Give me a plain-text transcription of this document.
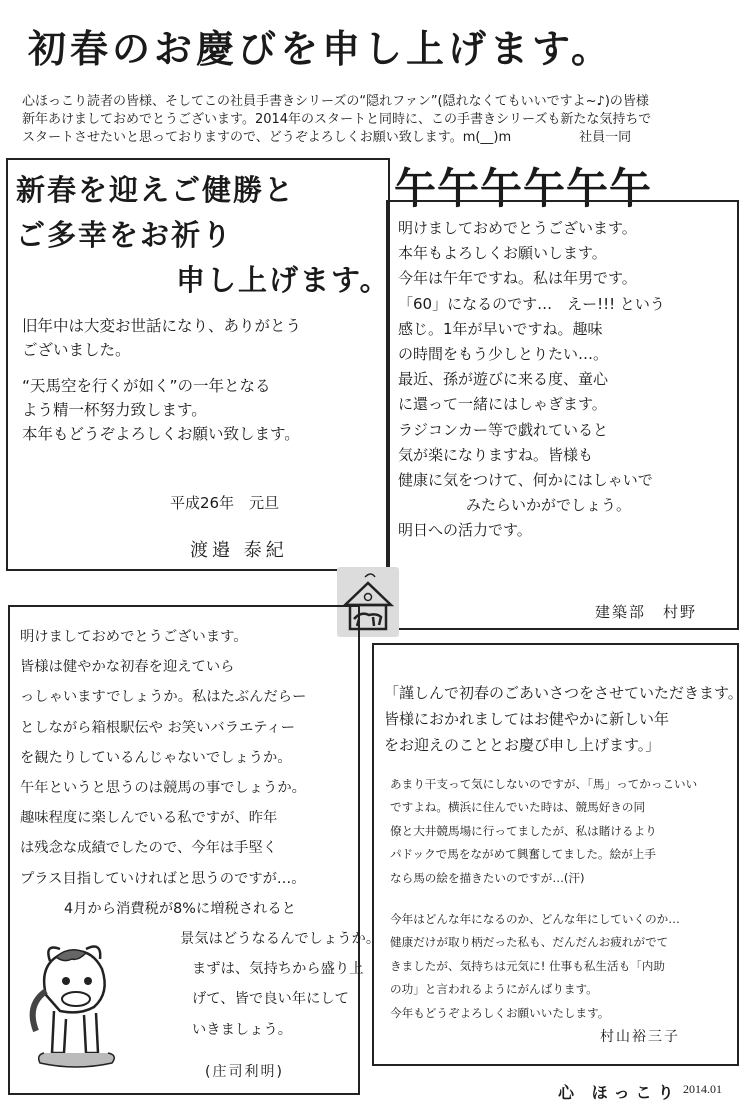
初春のお慶びを申し上げます。
心ほっこり読者の皆様、そしてこの社員手書きシリーズの“隠れファン”(隠れなくてもいいですよ~♪)の皆様
新年あけましておめでとうございます。2014年のスタートと同時に、この手書きシリーズも新たな気持ちで
スタートさせたいと思っておりますので、どうぞよろしくお願い致します。m(__)m	社員一同
新春を迎えご健勝と
ご多幸をお祈り
申し上げます。
旧年中は大変お世話になり、ありがとう
ございました。
“天馬空を行くが如く”の一年となる
よう精一杯努力致します。
本年もどうぞよろしくお願い致します。
平成26年　元旦
渡邉 泰紀
午午午午午午
明けましておめでとうございます。
本年もよろしくお願いします。
今年は午年ですね。私は年男です。
「60」になるのです…　えー!!! という
感じ。1年が早いですね。趣味
の時間をもう少しとりたい…。
最近、孫が遊びに来る度、童心
に還って一緒にはしゃぎます。
ラジコンカー等で戯れていると
気が楽になりますね。皆様も
健康に気をつけて、何かにはしゃいで
みたらいかがでしょう。
明日への活力です。
建築部　村野
明けましておめでとうございます。
皆様は健やかな初春を迎えていら
っしゃいますでしょうか。私はたぶんだらー
としながら箱根駅伝や お笑いバラエティー
を観たりしているんじゃないでしょうか。
午年というと思うのは競馬の事でしょうか。
趣味程度に楽しんでいる私ですが、昨年
は残念な成績でしたので、今年は手堅く
プラス目指していければと思うのですが…。
4月から消費税が8%に増税されると
景気はどうなるんでしょうか。
まずは、気持ちから盛り上
げて、皆で良い年にして
いきましょう。
(庄司利明)
「謹しんで初春のごあいさつをさせていただきます。
皆様におかれましてはお健やかに新しい年
をお迎えのこととお慶び申し上げます。」
あまり干支って気にしないのですが、「馬」ってかっこいい
ですよね。横浜に住んでいた時は、競馬好きの同
僚と大井競馬場に行ってましたが、私は賭けるより
パドックで馬をながめて興奮してました。絵が上手
なら馬の絵を描きたいのですが…(汗)
今年はどんな年になるのか、どんな年にしていくのか…
健康だけが取り柄だった私も、だんだんお疲れがでて
きましたが、気持ちは元気に! 仕事も私生活も「内助
の功」と言われるようにがんばります。
今年もどうぞよろしくお願いいたします。
村山裕三子
心 ほっこり 2014.01
